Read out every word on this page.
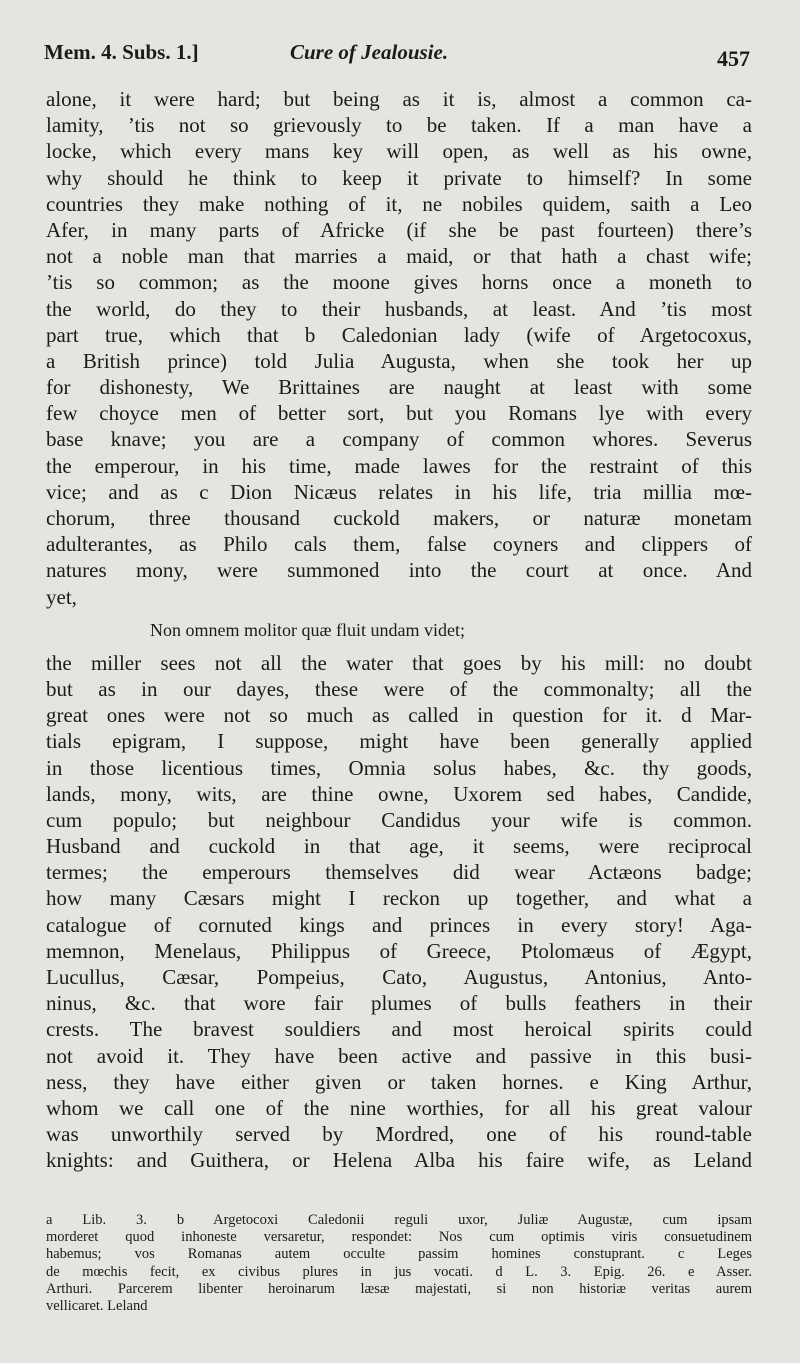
Mem. 4. Subs. 1.]	Cure of Jealousie.	457
alone, it were hard; but being as it is, almost a common ca-
lamity, ’tis not so grievously to be taken. If a man have a
locke, which every mans key will open, as well as his owne,
why should he think to keep it private to himself? In some
countries they make nothing of it, ne nobiles quidem, saith a Leo
Afer, in many parts of Africke (if she be past fourteen) there’s
not a noble man that marries a maid, or that hath a chast wife;
’tis so common; as the moone gives horns once a moneth to
the world, do they to their husbands, at least. And ’tis most
part true, which that b Caledonian lady (wife of Argetocoxus,
a British prince) told Julia Augusta, when she took her up
for dishonesty, We Brittaines are naught at least with some
few choyce men of better sort, but you Romans lye with every
base knave; you are a company of common whores. Severus
the emperour, in his time, made lawes for the restraint of this
vice; and as c Dion Nicæus relates in his life, tria millia mœ-
chorum, three thousand cuckold makers, or naturæ monetam
adulterantes, as Philo cals them, false coyners and clippers of
natures mony, were summoned into the court at once. And
yet,
Non omnem molitor quæ fluit undam videt;
the miller sees not all the water that goes by his mill: no doubt
but as in our dayes, these were of the commonalty; all the
great ones were not so much as called in question for it. d Mar-
tials epigram, I suppose, might have been generally applied
in those licentious times, Omnia solus habes, &c. thy goods,
lands, mony, wits, are thine owne, Uxorem sed habes, Candide,
cum populo; but neighbour Candidus your wife is common.
Husband and cuckold in that age, it seems, were reciprocal
termes; the emperours themselves did wear Actæons badge;
how many Cæsars might I reckon up together, and what a
catalogue of cornuted kings and princes in every story! Aga-
memnon, Menelaus, Philippus of Greece, Ptolomæus of Ægypt,
Lucullus, Cæsar, Pompeius, Cato, Augustus, Antonius, Anto-
ninus, &c. that wore fair plumes of bulls feathers in their
crests. The bravest souldiers and most heroical spirits could
not avoid it. They have been active and passive in this busi-
ness, they have either given or taken hornes. e King Arthur,
whom we call one of the nine worthies, for all his great valour
was unworthily served by Mordred, one of his round-table
knights: and Guithera, or Helena Alba his faire wife, as Leland
a Lib. 3. b Argetocoxi Caledonii reguli uxor, Juliæ Augustæ, cum ipsam
morderet quod inhoneste versaretur, respondet: Nos cum optimis viris consuetudinem
habemus; vos Romanas autem occulte passim homines constuprant. c Leges
de mœchis fecit, ex civibus plures in jus vocati. d L. 3. Epig. 26. e Asser.
Arthuri. Parcerem libenter heroinarum læsæ majestati, si non historiæ veritas aurem
vellicaret. Leland
